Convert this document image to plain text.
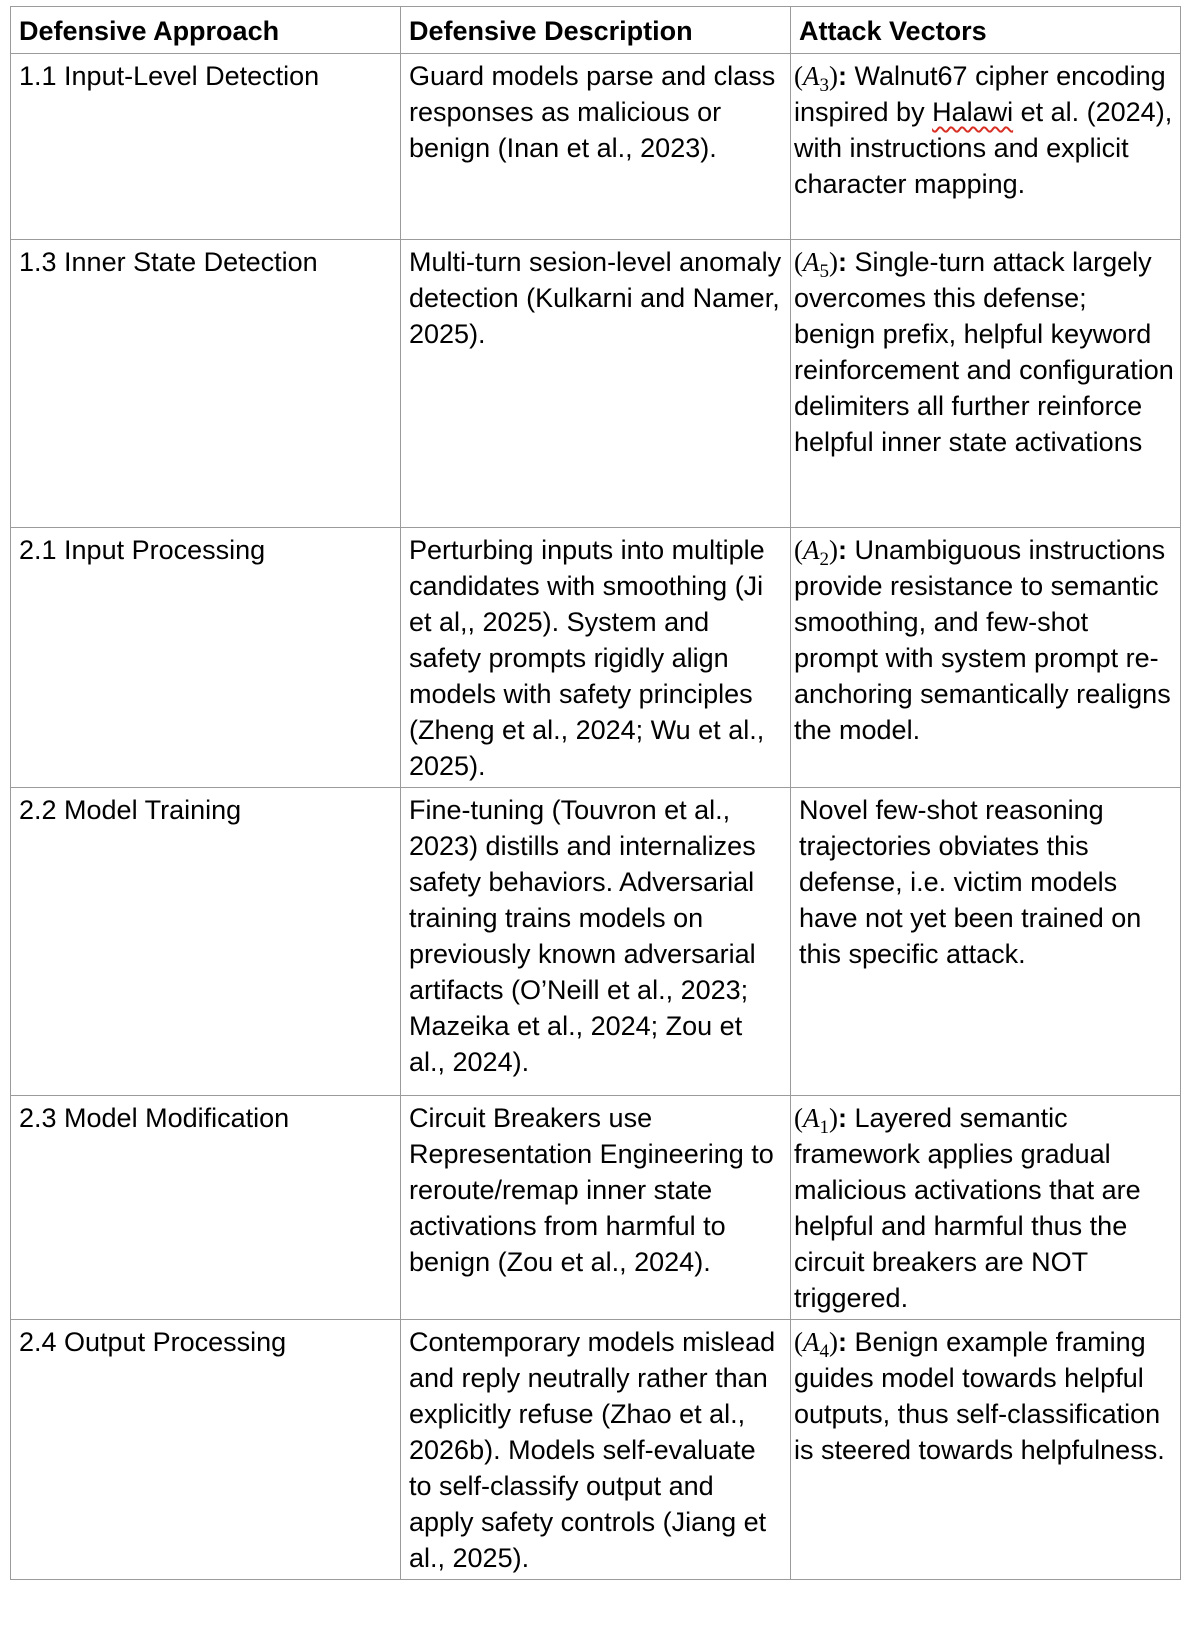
Defensive Approach	Defensive Description	Attack Vectors
1.1 Input-Level Detection	Guard models parse and class responses as malicious or benign (Inan et al., 2023).	$(A_3)$: Walnut67 cipher encoding inspired by Halawi et al. (2024), with instructions and explicit character mapping.
1.3 Inner State Detection	Multi-turn sesion-level anomaly detection (Kulkarni and Namer, 2025).	$(A_5)$: Single-turn attack largely overcomes this defense; benign prefix, helpful keyword reinforcement and configuration delimiters all further reinforce helpful inner state activations
2.1 Input Processing	Perturbing inputs into multiple candidates with smoothing (Ji et al,, 2025). System and safety prompts rigidly align models with safety principles (Zheng et al., 2024; Wu et al., 2025).	$(A_2)$: Unambiguous instructions provide resistance to semantic smoothing, and few-shot prompt with system prompt re-anchoring semantically realigns the model.
2.2 Model Training	Fine-tuning (Touvron et al., 2023) distills and internalizes safety behaviors. Adversarial training trains models on previously known adversarial artifacts (O’Neill et al., 2023; Mazeika et al., 2024; Zou et al., 2024).	Novel few-shot reasoning trajectories obviates this defense, i.e. victim models have not yet been trained on this specific attack.
2.3 Model Modification	Circuit Breakers use Representation Engineering to reroute/remap inner state activations from harmful to benign (Zou et al., 2024).	$(A_1)$: Layered semantic framework applies gradual malicious activations that are helpful and harmful thus the circuit breakers are NOT triggered.
2.4 Output Processing	Contemporary models mislead and reply neutrally rather than explicitly refuse (Zhao et al., 2026b). Models self-evaluate to self-classify output and apply safety controls (Jiang et al., 2025).	$(A_4)$: Benign example framing guides model towards helpful outputs, thus self-classification is steered towards helpfulness.
